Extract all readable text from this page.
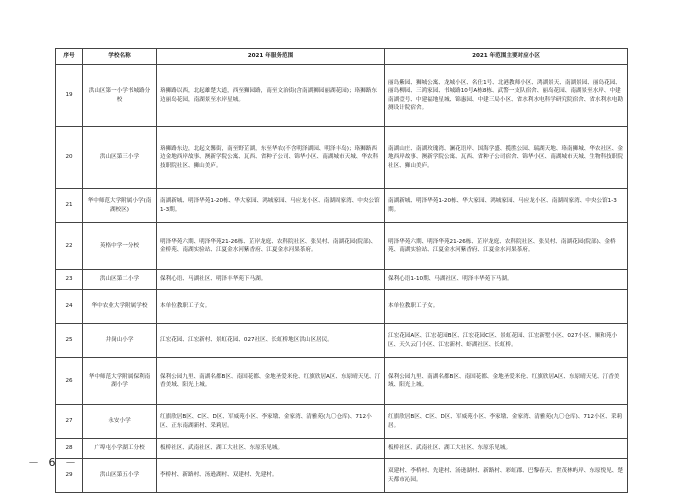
序号	学校名称	2021 年服务范围	2021 年范围主要对应小区
19	洪山区第一小学书城路分校	珞狮路以西，北起雄楚大道，西至狮园路，南至文治街(含南湖狮园丽湖花园)；珞狮路东边丽岛花园，南湖景至水岸星城。	丽岛紫园、狮城公寓、龙城小区、名仕1号、北港教师小区、鸿湖景天、南湖景园、丽岛花园、丽岛柳园、三鸿家园、书城路10号A栋8栋、武警一支队宿舍、丽岛花园、南湖景至水岸、中建南湖壹号、中建福地星城、锦惠园、中建三局小区、省水利水电科学研究院宿舍、省水利水电勘测设计院宿舍。
20	洪山区第三小学	珞狮路东边，北起文馨街，南至野芷湖，东至华农(不含明泽湖园、明泽丰岛)；珞狮路西边金地西岸故事、澳新学院公寓、瓦西、省种子公司、锦华小区、南湖城市天城、华农科技职院社区、狮山美庐。	南湖山庄、南湖玫瑰湾、澜花语岸、国海学盛、揽胜公园、瑞湖天地、珞南狮城、华农社区、金地西岸故事、澳新学院公寓、瓦西、省种子公司宿舍、锦华小区、南湖城市天城、生物科技职院社区、狮山美庐。
21	华中师范大学附属小学(南湖校区)	南湖新城、明泽华苑1-20栋、华大家园、鸿城家园、马应龙小区、南湖周家湾、中央公馆1-3期。	南湖新城、明泽华苑1-20栋、华大家园、鸿城家园、马应龙小区、南湖周家湾、中央公馆1-3期。
22	英格中学一分校	明泽华苑六期、明泽华苑21-26栋、芷岸龙庭、农科院社区、张吴村、南湖花园(院部)、金桥苑、南湖实验站、江夏金水河紫香府、江夏金水河果茶府。	明泽华苑六期、明泽华苑21-26栋、芷岸龙庭、农科院社区、张吴村、南湖花园(院部)、金桥苑、南湖实验站、江夏金水河紫香府、江夏金水河果茶府。
23	洪山区第二小学	保利心语、马湖社区、明泽丰华苑下马湖。	保利心语1-10期、马湖社区、明泽丰华苑下马湖。
24	华中农业大学附属学校	本单位教职工子女。	本单位教职工子女。
25	井岗山小学	江宏花园、江宏新村、景虹花园、027社区、长虹桥地区洪山区居民。	江宏花园A区、江宏花园B区、江宏花园C区、景虹花园、江宏新墅小区、027小区、顺和苑小区、天久云门小区、江宏新村、虾湖社区、长虹桥。
26	华中师范大学附属保利南湖小学	保利公园九里、南湖名都B区、南国花都、金地圣爱米伦、红旗欣居A区、东原晴天见、汀香美域、阳光上城。	保利公园九里、南湖名都B区、南国花都、金地圣爱米伦、红旗欣居A区、东原晴天见、汀香美域、阳光上城。
27	永安小学	红旗欣居B区、C区、D区、军威苑小区、李家墩、金家湾、清雅苑(九〇仓库)、712小区、正东南湖新村、采莉居。	红旗欣居B区、C区、D区、军威苑小区、李家墩、金家湾、清雅苑(九〇仓库)、712小区、采莉居。
28	广埠屯小学湖工分校	板桥社区、武南社区、湖工大社区、东原乐见城。	板桥社区、武南社区、湖工大社区、东原乐见城。
29	洪山区第五小学	李桥村、新路村、汤逊湖村、双建村、先建村。	双建村、李桥村、先建村、汤逊湖村、新路村、彩虹郡、巴黎春天、世茂林屿岸、东原悦见、楚天都市沁园。
－ 6 －
